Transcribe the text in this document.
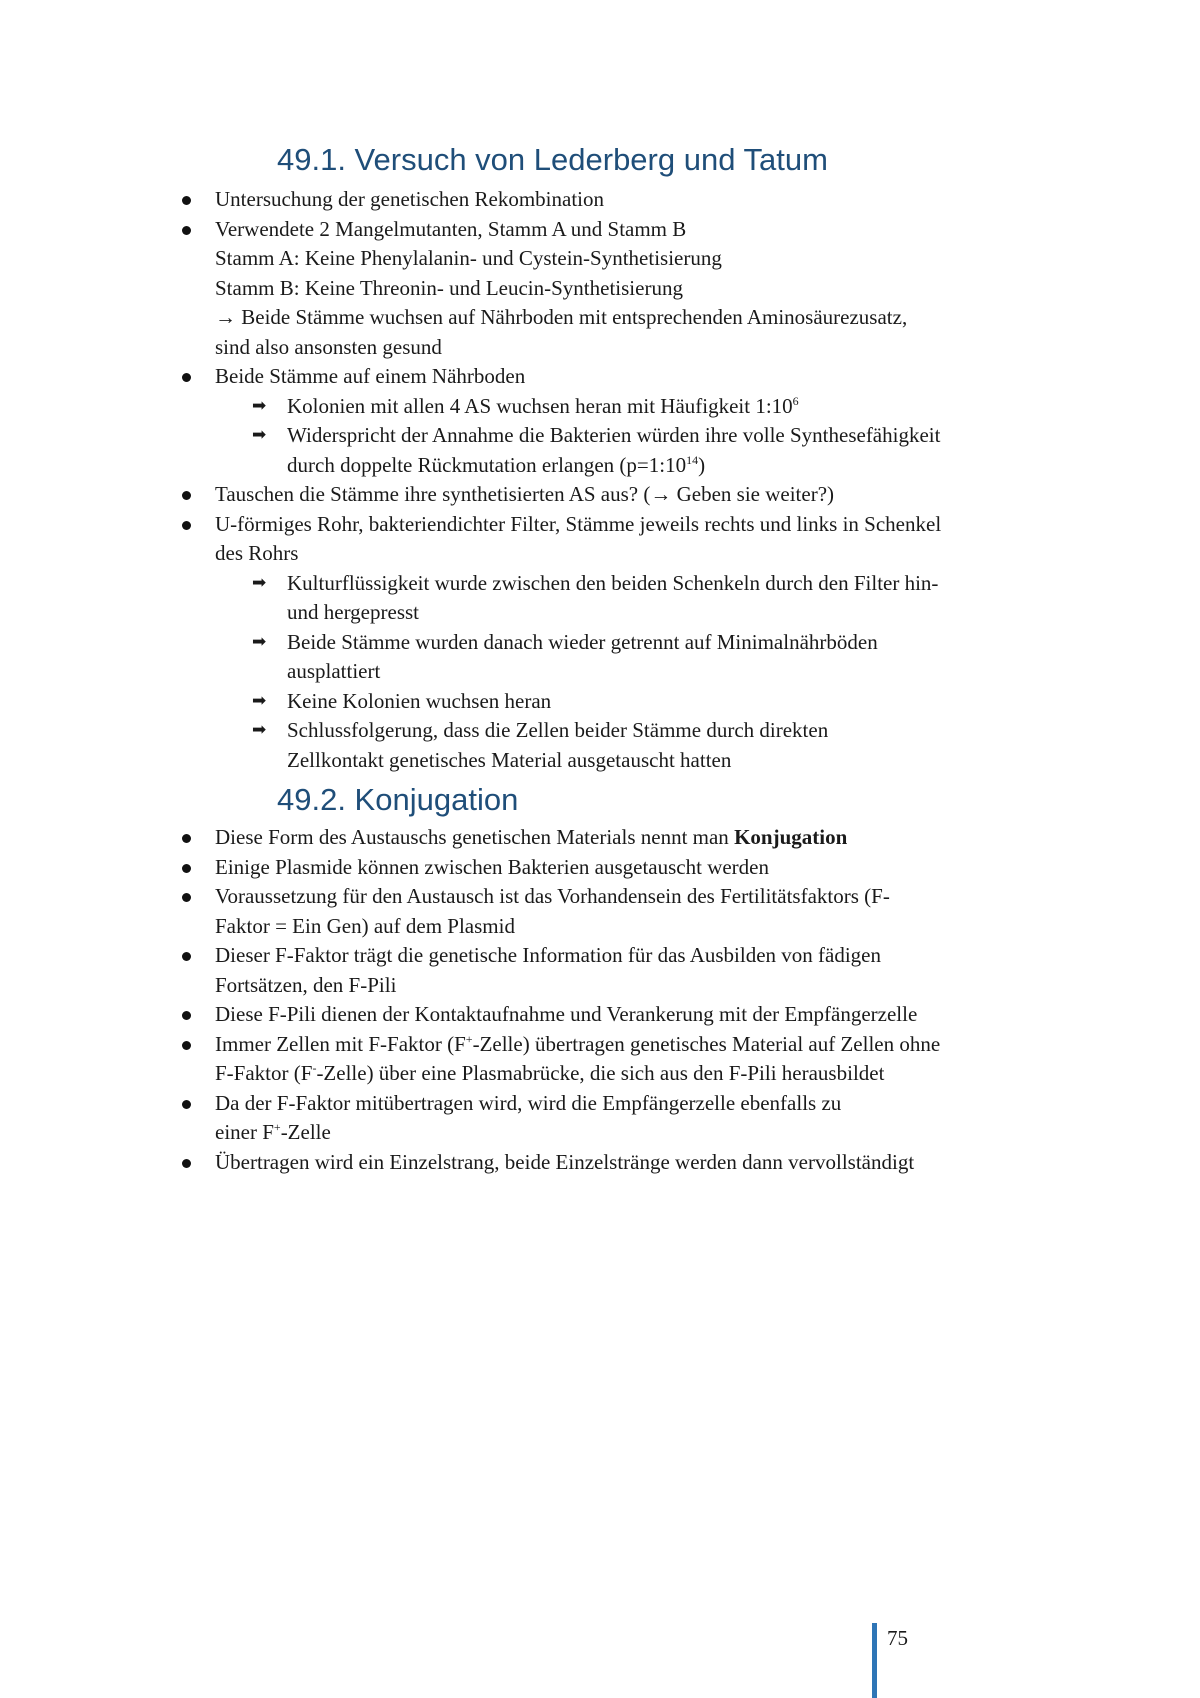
49.1. Versuch von Lederberg und Tatum
Untersuchung der genetischen Rekombination
Verwendete 2 Mangelmutanten, Stamm A und Stamm B
Stamm A: Keine Phenylalanin- und Cystein-Synthetisierung
Stamm B: Keine Threonin- und Leucin-Synthetisierung
→ Beide Stämme wuchsen auf Nährboden mit entsprechenden Aminosäurezusatz,
sind also ansonsten gesund
Beide Stämme auf einem Nährboden
➡ Kolonien mit allen 4 AS wuchsen heran mit Häufigkeit $1:10^6$
➡ Widerspricht der Annahme die Bakterien würden ihre volle Synthesefähigkeit
durch doppelte Rückmutation erlangen $(p=1:10^{14})$
Tauschen die Stämme ihre synthetisierten AS aus? (→ Geben sie weiter?)
U-förmiges Rohr, bakteriendichter Filter, Stämme jeweils rechts und links in Schenkel
des Rohrs
➡ Kulturflüssigkeit wurde zwischen den beiden Schenkeln durch den Filter hin-
und hergepresst
➡ Beide Stämme wurden danach wieder getrennt auf Minimalnährböden
ausplattiert
➡ Keine Kolonien wuchsen heran
➡ Schlussfolgerung, dass die Zellen beider Stämme durch direkten
Zellkontakt genetisches Material ausgetauscht hatten
49.2. Konjugation
Diese Form des Austauschs genetischen Materials nennt man Konjugation
Einige Plasmide können zwischen Bakterien ausgetauscht werden
Voraussetzung für den Austausch ist das Vorhandensein des Fertilitätsfaktors (F-
Faktor = Ein Gen) auf dem Plasmid
Dieser F-Faktor trägt die genetische Information für das Ausbilden von fädigen
Fortsätzen, den F-Pili
Diese F-Pili dienen der Kontaktaufnahme und Verankerung mit der Empfängerzelle
Immer Zellen mit F-Faktor (F+-Zelle) übertragen genetisches Material auf Zellen ohne
F-Faktor (F--Zelle) über eine Plasmabrücke, die sich aus den F-Pili herausbildet
Da der F-Faktor mitübertragen wird, wird die Empfängerzelle ebenfalls zu
einer F+-Zelle
Übertragen wird ein Einzelstrang, beide Einzelstränge werden dann vervollständigt
75
